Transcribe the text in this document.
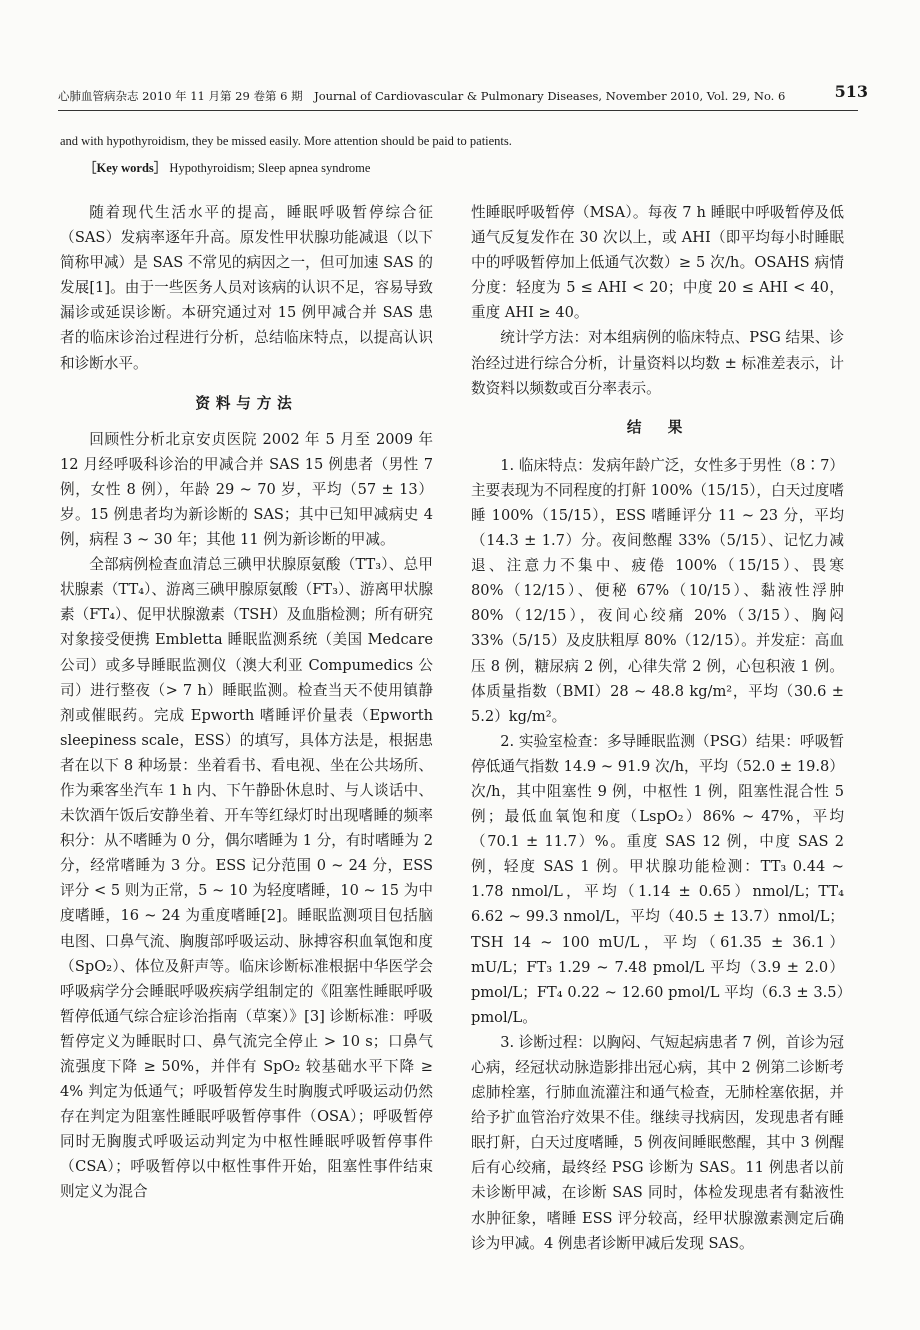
心肺血管病杂志 2010 年 11 月第 29 卷第 6 期　Journal of Cardiovascular & Pulmonary Diseases, November 2010, Vol. 29, No. 6	513
and with hypothyroidism, they be missed easily. More attention should be paid to patients.
［Key words］ Hypothyroidism; Sleep apnea syndrome

随着现代生活水平的提高，睡眠呼吸暂停综合征（SAS）发病率逐年升高。原发性甲状腺功能减退（以下简称甲减）是 SAS 不常见的病因之一，但可加速 SAS 的发展[1]。由于一些医务人员对该病的认识不足，容易导致漏诊或延误诊断。本研究通过对 15 例甲减合并 SAS 患者的临床诊治过程进行分析，总结临床特点，以提高认识和诊断水平。

资料与方法

回顾性分析北京安贞医院 2002 年 5 月至 2009 年 12 月经呼吸科诊治的甲减合并 SAS 15 例患者（男性 7 例，女性 8 例），年龄 29 ~ 70 岁，平均（57 ± 13）岁。15 例患者均为新诊断的 SAS；其中已知甲减病史 4 例，病程 3 ~ 30 年；其他 11 例为新诊断的甲减。

全部病例检查血清总三碘甲状腺原氨酸（TT₃）、总甲状腺素（TT₄）、游离三碘甲腺原氨酸（FT₃）、游离甲状腺素（FT₄）、促甲状腺激素（TSH）及血脂检测；所有研究对象接受便携 Embletta 睡眠监测系统（美国 Medcare 公司）或多导睡眠监测仪（澳大利亚 Compumedics 公司）进行整夜（> 7 h）睡眠监测。检查当天不使用镇静剂或催眠药。完成 Epworth 嗜睡评价量表（Epworth sleepiness scale，ESS）的填写，具体方法是，根据患者在以下 8 种场景：坐着看书、看电视、坐在公共场所、作为乘客坐汽车 1 h 内、下午静卧休息时、与人谈话中、未饮酒午饭后安静坐着、开车等红绿灯时出现嗜睡的频率积分：从不嗜睡为 0 分，偶尔嗜睡为 1 分，有时嗜睡为 2 分，经常嗜睡为 3 分。ESS 记分范围 0 ~ 24 分，ESS 评分 < 5 则为正常，5 ~ 10 为轻度嗜睡，10 ~ 15 为中度嗜睡，16 ~ 24 为重度嗜睡[2]。睡眠监测项目包括脑电图、口鼻气流、胸腹部呼吸运动、脉搏容积血氧饱和度（SpO₂）、体位及鼾声等。临床诊断标准根据中华医学会呼吸病学分会睡眠呼吸疾病学组制定的《阻塞性睡眠呼吸暂停低通气综合症诊治指南（草案）》[3] 诊断标准：呼吸暂停定义为睡眠时口、鼻气流完全停止 > 10 s；口鼻气流强度下降 ≥ 50%，并伴有 SpO₂ 较基础水平下降 ≥ 4% 判定为低通气；呼吸暂停发生时胸腹式呼吸运动仍然存在判定为阻塞性睡眠呼吸暂停事件（OSA）；呼吸暂停同时无胸腹式呼吸运动判定为中枢性睡眠呼吸暂停事件（CSA）；呼吸暂停以中枢性事件开始，阻塞性事件结束则定义为混合

性睡眠呼吸暂停（MSA）。每夜 7 h 睡眠中呼吸暂停及低通气反复发作在 30 次以上，或 AHI（即平均每小时睡眠中的呼吸暂停加上低通气次数）≥ 5 次/h。OSAHS 病情分度：轻度为 5 ≤ AHI < 20；中度 20 ≤ AHI < 40，重度 AHI ≥ 40。

统计学方法：对本组病例的临床特点、PSG 结果、诊治经过进行综合分析，计量资料以均数 ± 标准差表示，计数资料以频数或百分率表示。

结　果

1. 临床特点：发病年龄广泛，女性多于男性（8∶7）主要表现为不同程度的打鼾 100%（15/15），白天过度嗜睡 100%（15/15），ESS 嗜睡评分 11 ~ 23 分，平均（14.3 ± 1.7）分。夜间憋醒 33%（5/15）、记忆力减退、注意力不集中、疲倦 100%（15/15）、畏寒 80%（12/15）、便秘 67%（10/15）、黏液性浮肿 80%（12/15），夜间心绞痛 20%（3/15）、胸闷 33%（5/15）及皮肤粗厚 80%（12/15）。并发症：高血压 8 例，糖尿病 2 例，心律失常 2 例，心包积液 1 例。体质量指数（BMI）28 ~ 48.8 kg/m²，平均（30.6 ± 5.2）kg/m²。

2. 实验室检查：多导睡眠监测（PSG）结果：呼吸暂停低通气指数 14.9 ~ 91.9 次/h，平均（52.0 ± 19.8）次/h，其中阻塞性 9 例，中枢性 1 例，阻塞性混合性 5 例；最低血氧饱和度（LspO₂）86% ~ 47%，平均（70.1 ± 11.7）%。重度 SAS 12 例，中度 SAS 2 例，轻度 SAS 1 例。甲状腺功能检测：TT₃ 0.44 ~ 1.78 nmol/L，平均（1.14 ± 0.65）nmol/L；TT₄ 6.62 ~ 99.3 nmol/L，平均（40.5 ± 13.7）nmol/L；TSH 14 ~ 100 mU/L，平均（61.35 ± 36.1）mU/L；FT₃ 1.29 ~ 7.48 pmol/L 平均（3.9 ± 2.0）pmol/L；FT₄ 0.22 ~ 12.60 pmol/L 平均（6.3 ± 3.5）pmol/L。

3. 诊断过程：以胸闷、气短起病患者 7 例，首诊为冠心病，经冠状动脉造影排出冠心病，其中 2 例第二诊断考虑肺栓塞，行肺血流灌注和通气检查，无肺栓塞依据，并给予扩血管治疗效果不佳。继续寻找病因，发现患者有睡眠打鼾，白天过度嗜睡，5 例夜间睡眠憋醒，其中 3 例醒后有心绞痛，最终经 PSG 诊断为 SAS。11 例患者以前未诊断甲减，在诊断 SAS 同时，体检发现患者有黏液性水肿征象，嗜睡 ESS 评分较高，经甲状腺激素测定后确诊为甲减。4 例患者诊断甲减后发现 SAS。
